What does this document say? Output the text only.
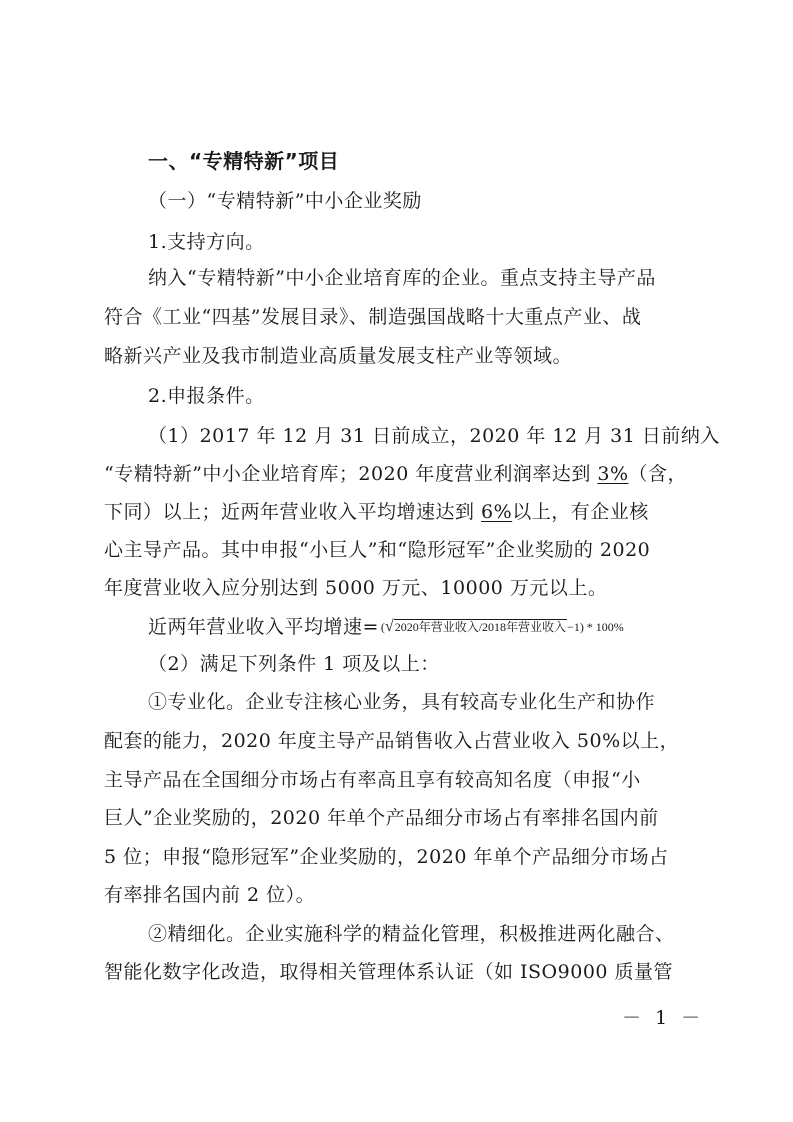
一、“专精特新”项目
（一）“专精特新”中小企业奖励
1.支持方向。
纳入“专精特新”中小企业培育库的企业。重点支持主导产品
符合《工业“四基”发展目录》、制造强国战略十大重点产业、战
略新兴产业及我市制造业高质量发展支柱产业等领域。
2.申报条件。
（1）2017 年 12 月 31 日前成立，2020 年 12 月 31 日前纳入
“专精特新”中小企业培育库；2020 年度营业利润率达到 3%（含，
下同）以上；近两年营业收入平均增速达到 6%以上，有企业核
心主导产品。其中申报“小巨人”和“隐形冠军”企业奖励的 2020
年度营业收入应分别达到 5000 万元、10000 万元以上。
近两年营业收入平均增速= (√2020年营业收入/2018年营业收入−1) * 100%
（2）满足下列条件 1 项及以上：
①专业化。企业专注核心业务，具有较高专业化生产和协作
配套的能力，2020 年度主导产品销售收入占营业收入 50%以上，
主导产品在全国细分市场占有率高且享有较高知名度（申报“小
巨人”企业奖励的，2020 年单个产品细分市场占有率排名国内前
5 位；申报“隐形冠军”企业奖励的，2020 年单个产品细分市场占
有率排名国内前 2 位）。
②精细化。企业实施科学的精益化管理，积极推进两化融合、
智能化数字化改造，取得相关管理体系认证（如 ISO9000 质量管
－ 1 －
